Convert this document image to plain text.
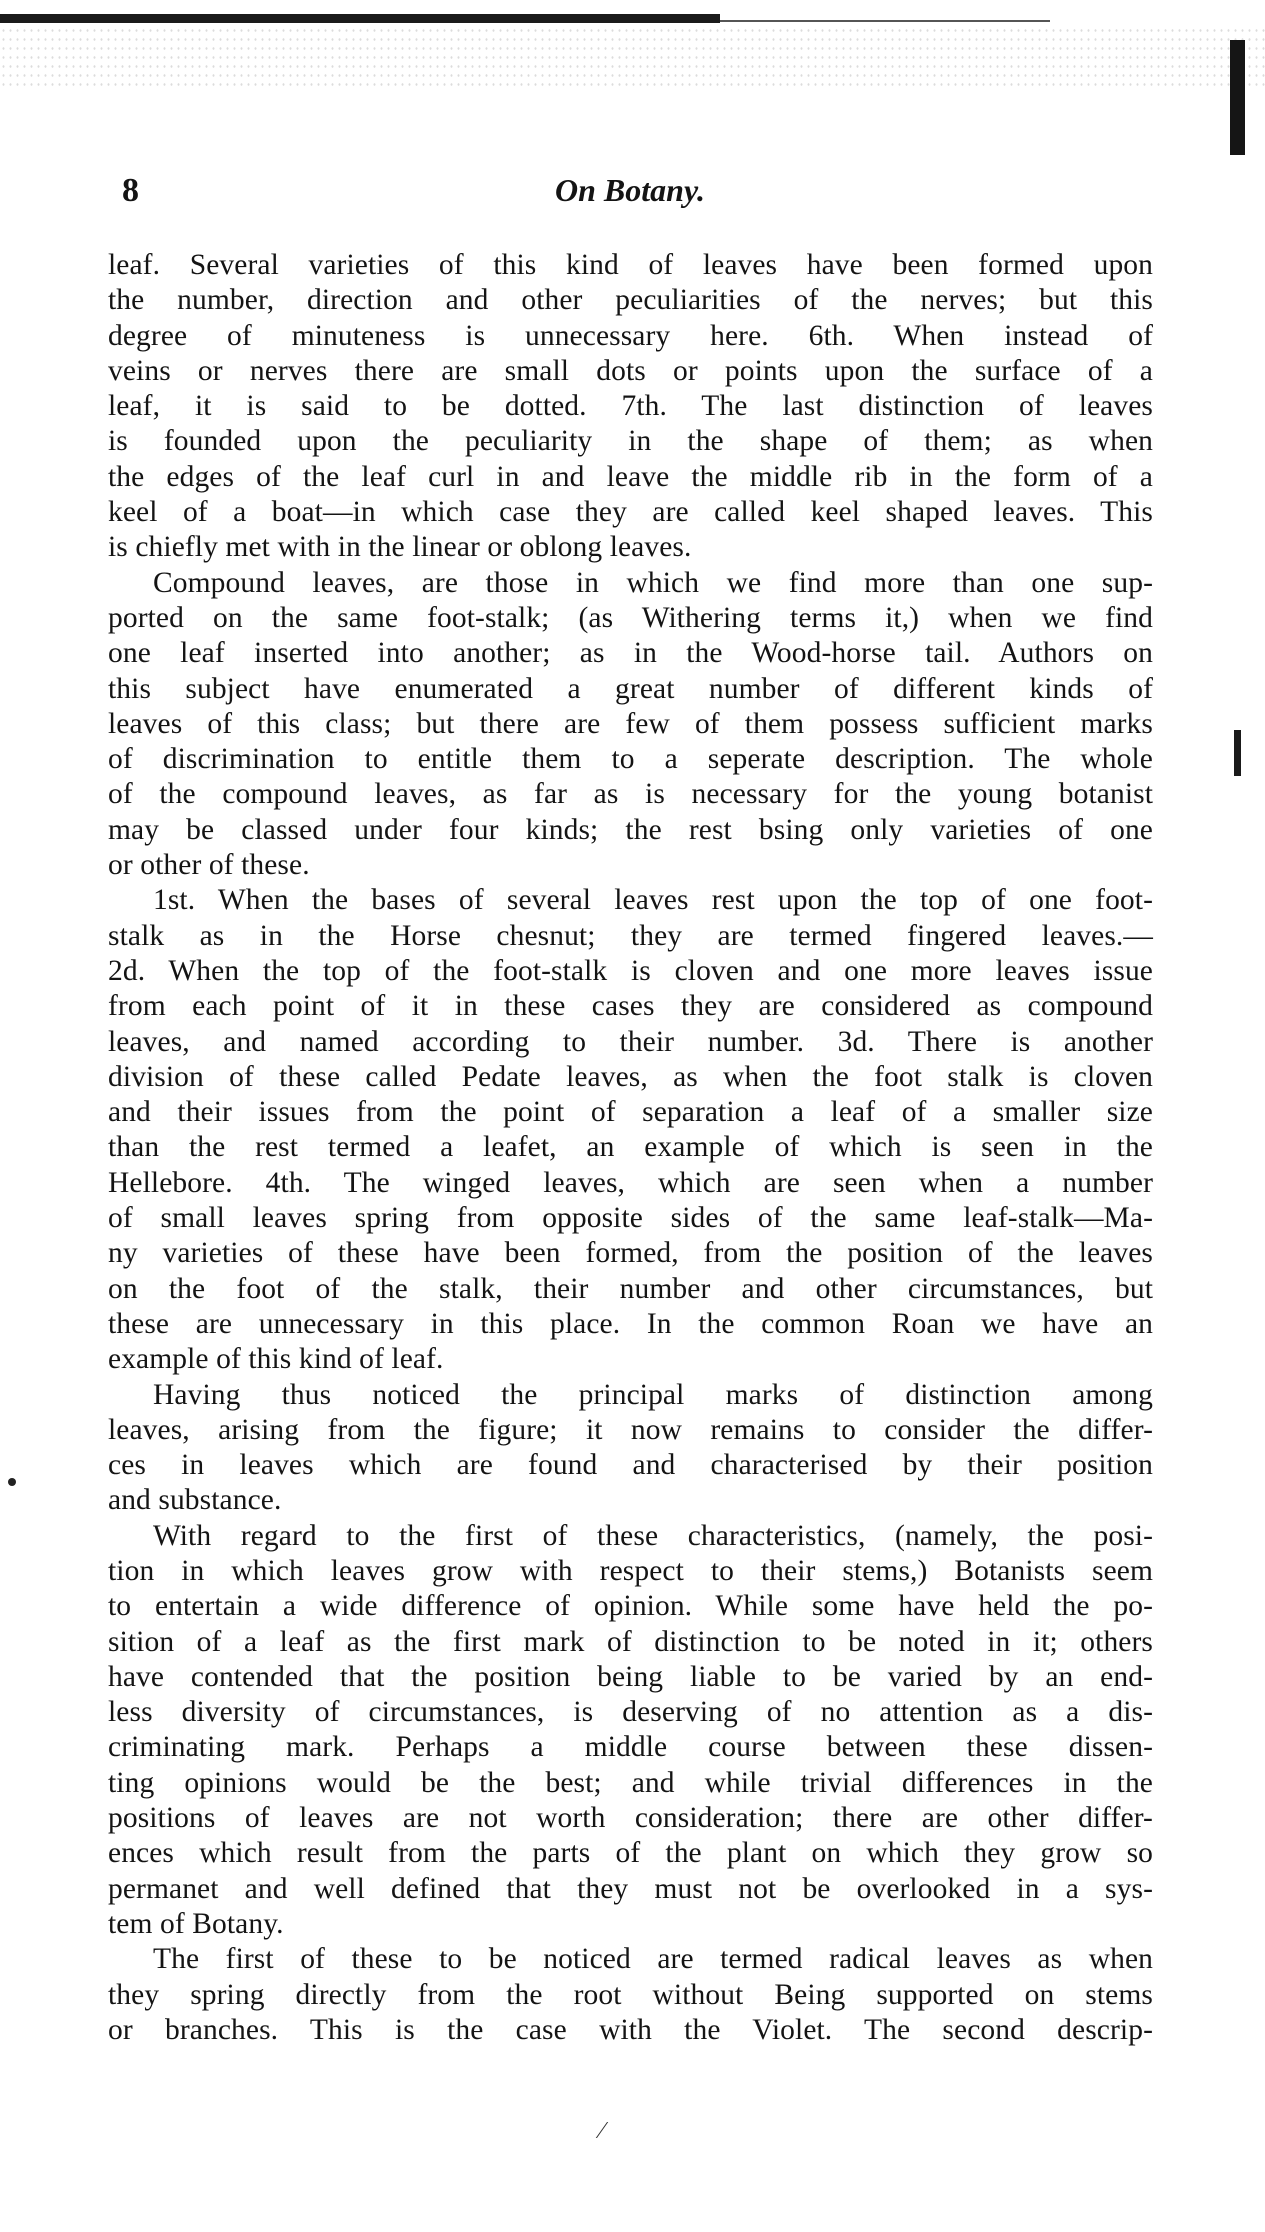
8	On Botany.
leaf. Several varieties of this kind of leaves have been formed upon
the number, direction and other peculiarities of the nerves; but this
degree of minuteness is unnecessary here. 6th. When instead of
veins or nerves there are small dots or points upon the surface of a
leaf, it is said to be dotted. 7th. The last distinction of leaves
is founded upon the peculiarity in the shape of them; as when
the edges of the leaf curl in and leave the middle rib in the form of a
keel of a boat—in which case they are called keel shaped leaves. This
is chiefly met with in the linear or oblong leaves.
Compound leaves, are those in which we find more than one sup-
ported on the same foot-stalk; (as Withering terms it,) when we find
one leaf inserted into another; as in the Wood-horse tail. Authors on
this subject have enumerated a great number of different kinds of
leaves of this class; but there are few of them possess sufficient marks
of discrimination to entitle them to a seperate description. The whole
of the compound leaves, as far as is necessary for the young botanist
may be classed under four kinds; the rest bsing only varieties of one
or other of these.
1st. When the bases of several leaves rest upon the top of one foot-
stalk as in the Horse chesnut; they are termed fingered leaves.—
2d. When the top of the foot-stalk is cloven and one more leaves issue
from each point of it in these cases they are considered as compound
leaves, and named according to their number. 3d. There is another
division of these called Pedate leaves, as when the foot stalk is cloven
and their issues from the point of separation a leaf of a smaller size
than the rest termed a leafet, an example of which is seen in the
Hellebore. 4th. The winged leaves, which are seen when a number
of small leaves spring from opposite sides of the same leaf-stalk—Ma-
ny varieties of these have been formed, from the position of the leaves
on the foot of the stalk, their number and other circumstances, but
these are unnecessary in this place. In the common Roan we have an
example of this kind of leaf.
Having thus noticed the principal marks of distinction among
leaves, arising from the figure; it now remains to consider the differ-
ces in leaves which are found and characterised by their position
and substance.
With regard to the first of these characteristics, (namely, the posi-
tion in which leaves grow with respect to their stems,) Botanists seem
to entertain a wide difference of opinion. While some have held the po-
sition of a leaf as the first mark of distinction to be noted in it; others
have contended that the position being liable to be varied by an end-
less diversity of circumstances, is deserving of no attention as a dis-
criminating mark. Perhaps a middle course between these dissen-
ting opinions would be the best; and while trivial differences in the
positions of leaves are not worth consideration; there are other differ-
ences which result from the parts of the plant on which they grow so
permanet and well defined that they must not be overlooked in a sys-
tem of Botany.
The first of these to be noticed are termed radical leaves as when
they spring directly from the root without Being supported on stems
or branches. This is the case with the Violet. The second descrip-
⁄
